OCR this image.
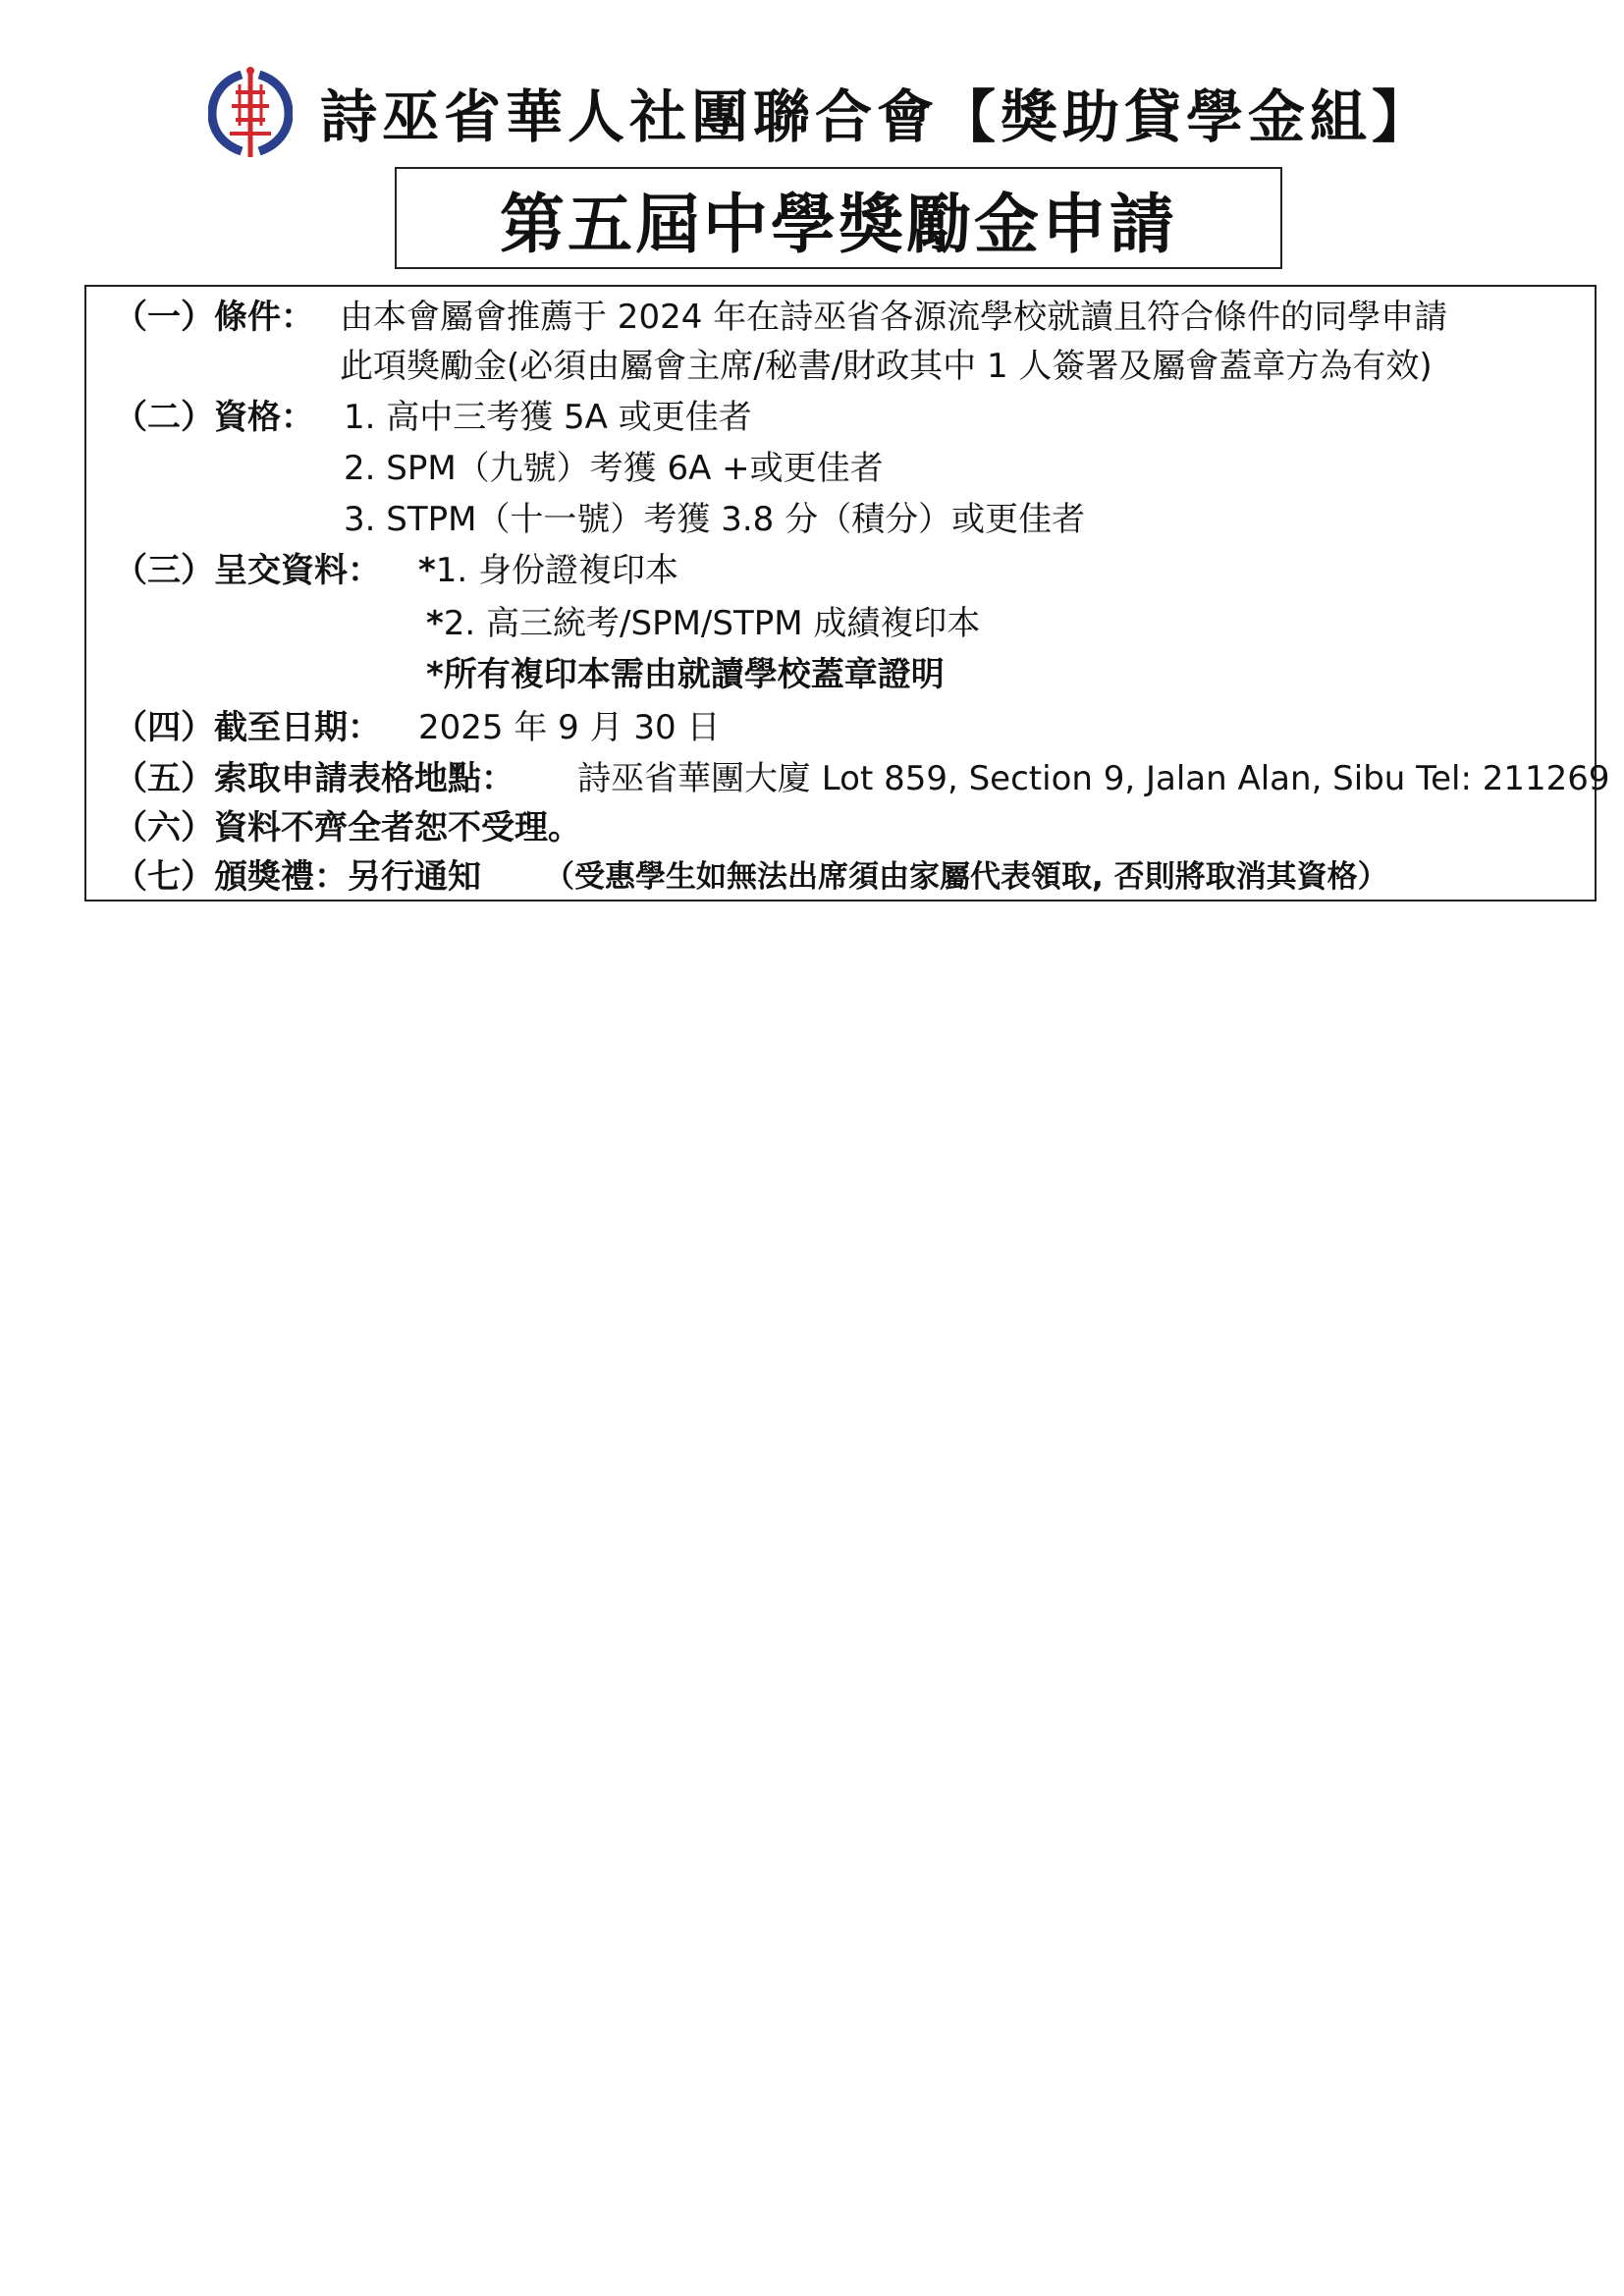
詩巫省華人社團聯合會【獎助貸學金組】
第五屆中學獎勵金申請
（一）條件： 由本會屬會推薦于 2024 年在詩巫省各源流學校就讀且符合條件的同學申請
此項獎勵金(必須由屬會主席/秘書/財政其中 1 人簽署及屬會蓋章方為有效)
（二）資格： 1. 高中三考獲 5A 或更佳者
2. SPM（九號）考獲 6A +或更佳者
3. STPM（十一號）考獲 3.8 分（積分）或更佳者
（三）呈交資料： *1. 身份證複印本
*2. 高三統考/SPM/STPM 成績複印本
*所有複印本需由就讀學校蓋章證明
（四）截至日期： 2025 年 9 月 30 日
（五）索取申請表格地點： 詩巫省華團大廈 Lot 859, Section 9, Jalan Alan, Sibu Tel: 211269
（六）資料不齊全者恕不受理。
（七）頒獎禮：另行通知 （受惠學生如無法出席須由家屬代表領取, 否則將取消其資格）
